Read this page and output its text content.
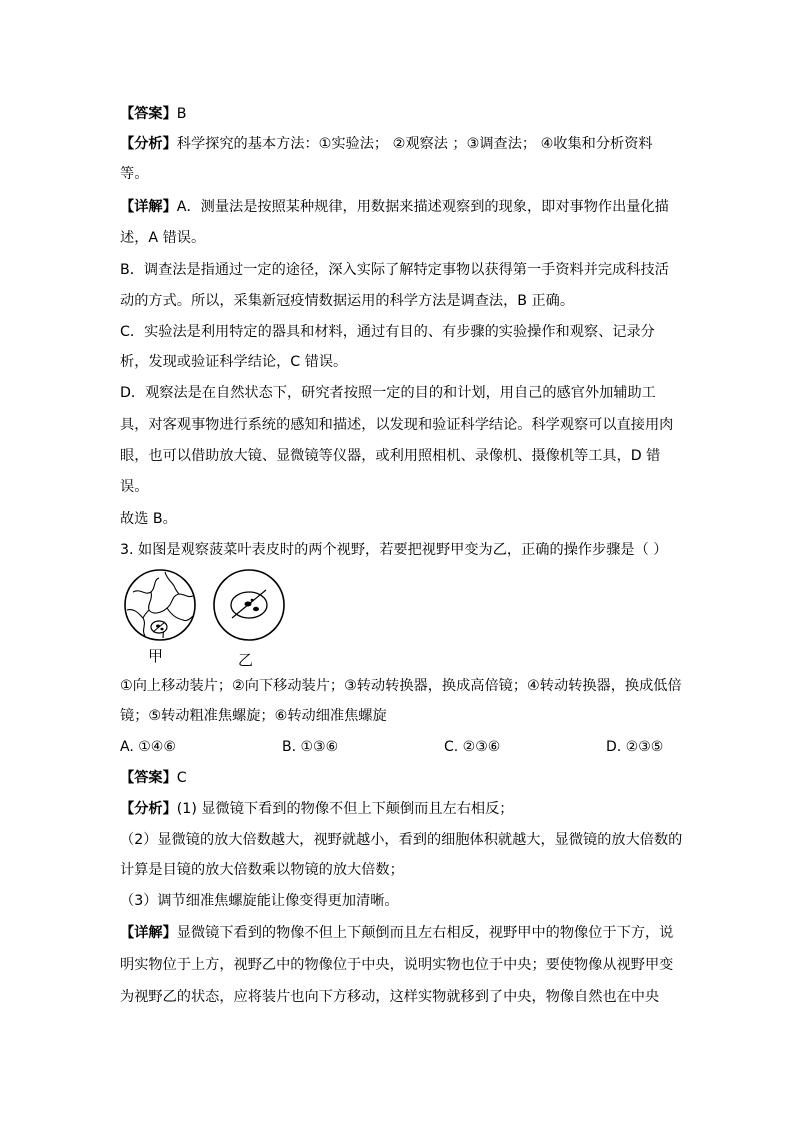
【答案】B
【分析】科学探究的基本方法：①实验法； ②观察法 ；③调查法； ④收集和分析资料
等。
【详解】A．测量法是按照某种规律，用数据来描述观察到的现象，即对事物作出量化描
述，A 错误。
B．调查法是指通过一定的途径，深入实际了解特定事物以获得第一手资料并完成科技活
动的方式。所以，采集新冠疫情数据运用的科学方法是调查法，B 正确。
C．实验法是利用特定的器具和材料，通过有目的、有步骤的实验操作和观察、记录分
析，发现或验证科学结论，C 错误。
D．观察法是在自然状态下，研究者按照一定的目的和计划，用自己的感官外加辅助工
具，对客观事物进行系统的感知和描述，以发现和验证科学结论。科学观察可以直接用肉
眼，也可以借助放大镜、显微镜等仪器，或利用照相机、录像机、摄像机等工具，D 错
误。
故选 B。
3. 如图是观察菠菜叶表皮时的两个视野，若要把视野甲变为乙，正确的操作步骤是（ ）
甲	乙
①向上移动装片；②向下移动装片；③转动转换器，换成高倍镜；④转动转换器，换成低倍
镜；⑤转动粗准焦螺旋；⑥转动细准焦螺旋
A. ①④⑥	B. ①③⑥	C. ②③⑥	D. ②③⑤
【答案】C
【分析】(1) 显微镜下看到的物像不但上下颠倒而且左右相反；
（2）显微镜的放大倍数越大，视野就越小，看到的细胞体积就越大，显微镜的放大倍数的
计算是目镜的放大倍数乘以物镜的放大倍数；
（3）调节细准焦螺旋能让像变得更加清晰。
【详解】显微镜下看到的物像不但上下颠倒而且左右相反，视野甲中的物像位于下方，说
明实物位于上方，视野乙中的物像位于中央，说明实物也位于中央；要使物像从视野甲变
为视野乙的状态，应将装片也向下方移动，这样实物就移到了中央，物像自然也在中央
